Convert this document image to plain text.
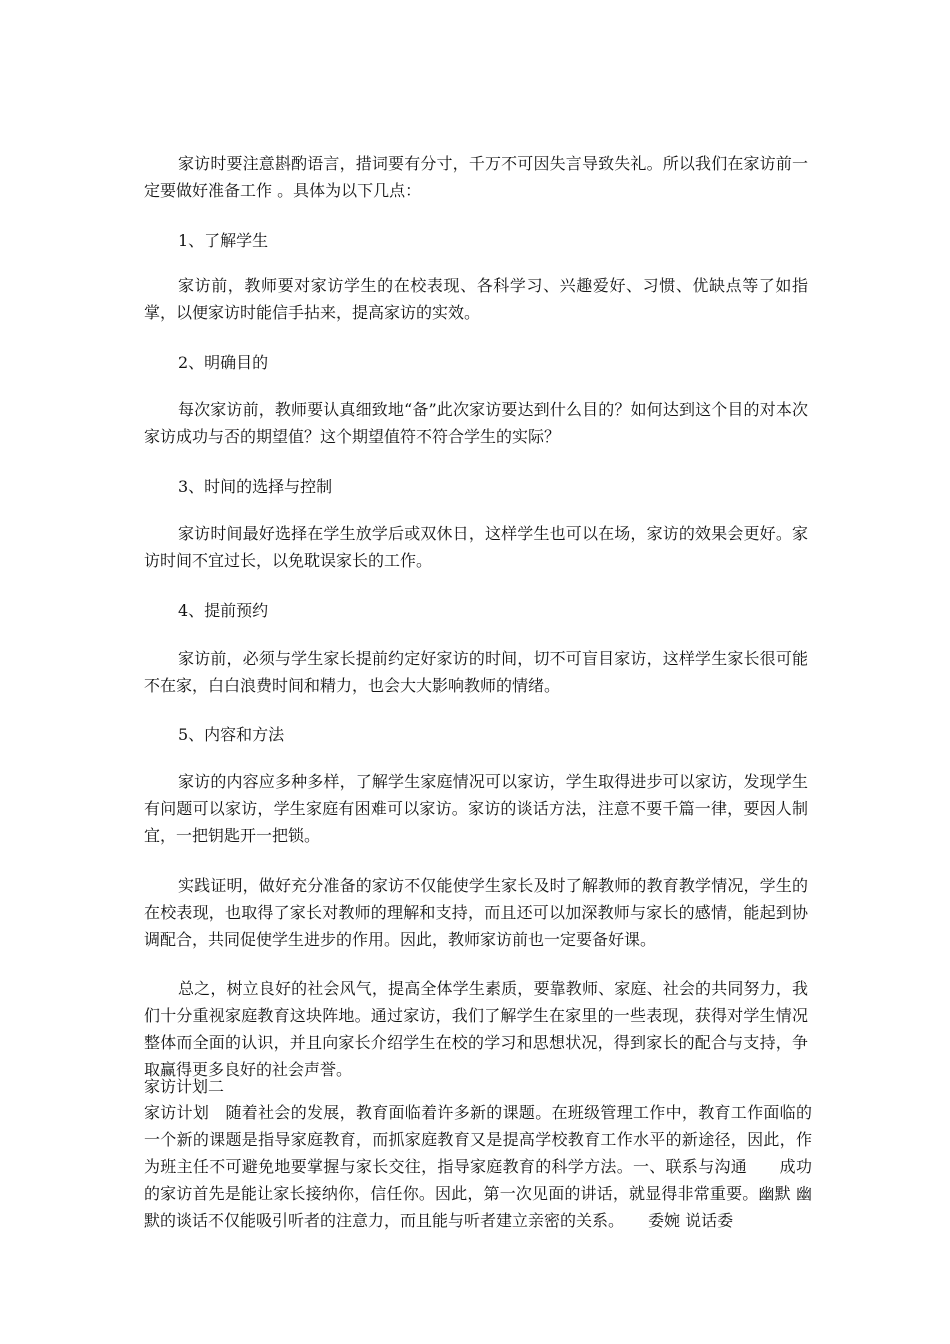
家访时要注意斟酌语言，措词要有分寸，千万不可因失言导致失礼。所以我们在家访前一定要做好准备工作 。具体为以下几点：

1、了解学生

家访前，教师要对家访学生的在校表现、各科学习、兴趣爱好、习惯、优缺点等了如指掌，以便家访时能信手拈来，提高家访的实效。

2、明确目的

每次家访前，教师要认真细致地“备”此次家访要达到什么目的？如何达到这个目的对本次家访成功与否的期望值？这个期望值符不符合学生的实际？

3、时间的选择与控制

家访时间最好选择在学生放学后或双休日，这样学生也可以在场，家访的效果会更好。家访时间不宜过长，以免耽误家长的工作。

4、提前预约

家访前，必须与学生家长提前约定好家访的时间，切不可盲目家访，这样学生家长很可能不在家，白白浪费时间和精力，也会大大影响教师的情绪。

5、内容和方法

家访的内容应多种多样，了解学生家庭情况可以家访，学生取得进步可以家访，发现学生有问题可以家访，学生家庭有困难可以家访。家访的谈话方法，注意不要千篇一律，要因人制宜，一把钥匙开一把锁。

实践证明，做好充分准备的家访不仅能使学生家长及时了解教师的教育教学情况，学生的在校表现，也取得了家长对教师的理解和支持，而且还可以加深教师与家长的感情，能起到协调配合，共同促使学生进步的作用。因此，教师家访前也一定要备好课。

总之，树立良好的社会风气，提高全体学生素质，要靠教师、家庭、社会的共同努力，我们十分重视家庭教育这块阵地。通过家访，我们了解学生在家里的一些表现，获得对学生情况整体而全面的认识，并且向家长介绍学生在校的学习和思想状况，得到家长的配合与支持，争取赢得更多良好的社会声誉。

家访计划二

家访计划　随着社会的发展，教育面临着许多新的课题。在班级管理工作中，教育工作面临的一个新的课题是指导家庭教育，而抓家庭教育又是提高学校教育工作水平的新途径，因此，作为班主任不可避免地要掌握与家长交往，指导家庭教育的科学方法。一、联系与沟通　　成功的家访首先是能让家长接纳你，信任你。因此，第一次见面的讲话，就显得非常重要。幽默 幽默的谈话不仅能吸引听者的注意力，而且能与听者建立亲密的关系。　　委婉 说话委
